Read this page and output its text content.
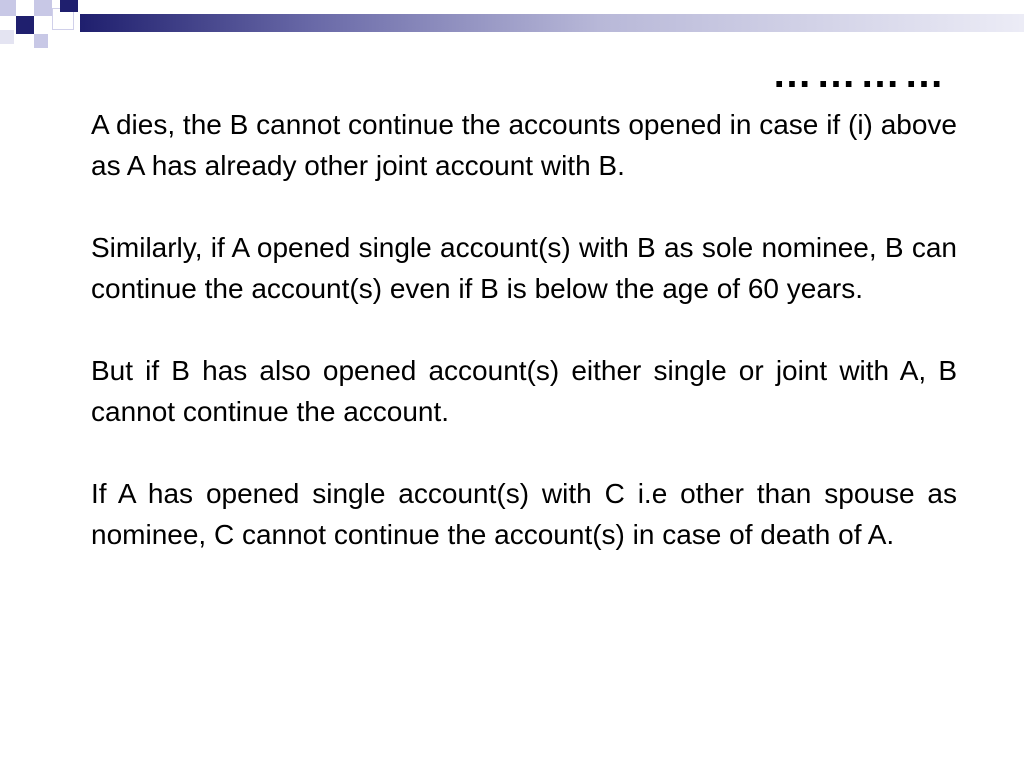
…………

A dies, the B cannot continue the accounts opened in case if (i) above as A has already other joint account with B.

Similarly, if A opened single account(s) with B as sole nominee, B can continue the account(s) even if B is below the age of 60 years.

But if B has also opened account(s) either single or joint with A, B cannot continue the account.

If A has opened single account(s) with C i.e other than spouse as nominee, C cannot continue the account(s) in case of death of A.
